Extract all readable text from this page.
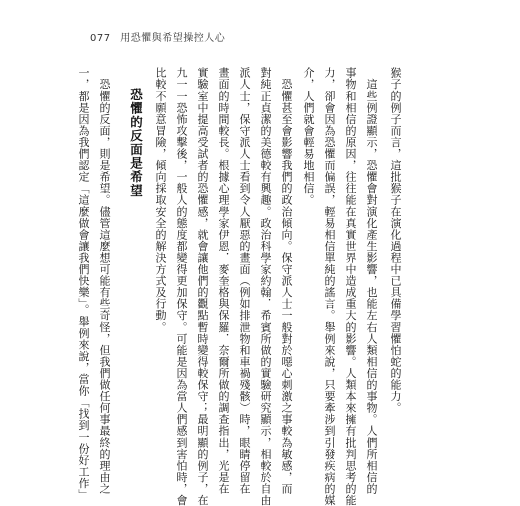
077 用恐懼與希望操控人心
猴子的例子而言，這批猴子在演化過程中已具備學習懼怕蛇的能力。
　這些例證顯示，恐懼會對演化產生影響，也能左右人類相信的事物。人們所相信的
事物和相信的原因，往往能在真實世界中造成重大的影響。人類本來擁有批判思考的能
力，卻會因為恐懼而偏誤，輕易相信單純的謠言。舉例來說，只要牽涉到引發疾病的媒
介，人們就會輕易地相信。
　恐懼甚至會影響我們的政治傾向。保守派人士一般對於噁心刺激之事較為敏感，而
對純正貞潔的美德較有興趣。政治科學家約翰．希賓所做的實驗研究顯示，相較於自由
派人士，保守派人士看到令人厭惡的畫面（例如排泄物和車禍殘骸）時，眼睛停留在
畫面的時間較長。根據心理學家伊恩．麥奎格與保羅．奈爾所做的調查指出，光是在
實驗室中提高受試者的恐懼感，就會讓他們的觀點暫時變得較保守；最明顯的例子，在
九一一恐怖攻擊後，一般人的態度都變得更加保守。可能是因為當人們感到害怕時，會
比較不願意冒險，傾向採取安全的解決方式及行動。
恐懼的反面是希望
　恐懼的反面，則是希望。儘管這麼想可能有些奇怪，但我們做任何事最終的理由之
一，都是因為我們認定「這麼做會讓我們快樂」。舉例來說，當你「找到一份好工作」
